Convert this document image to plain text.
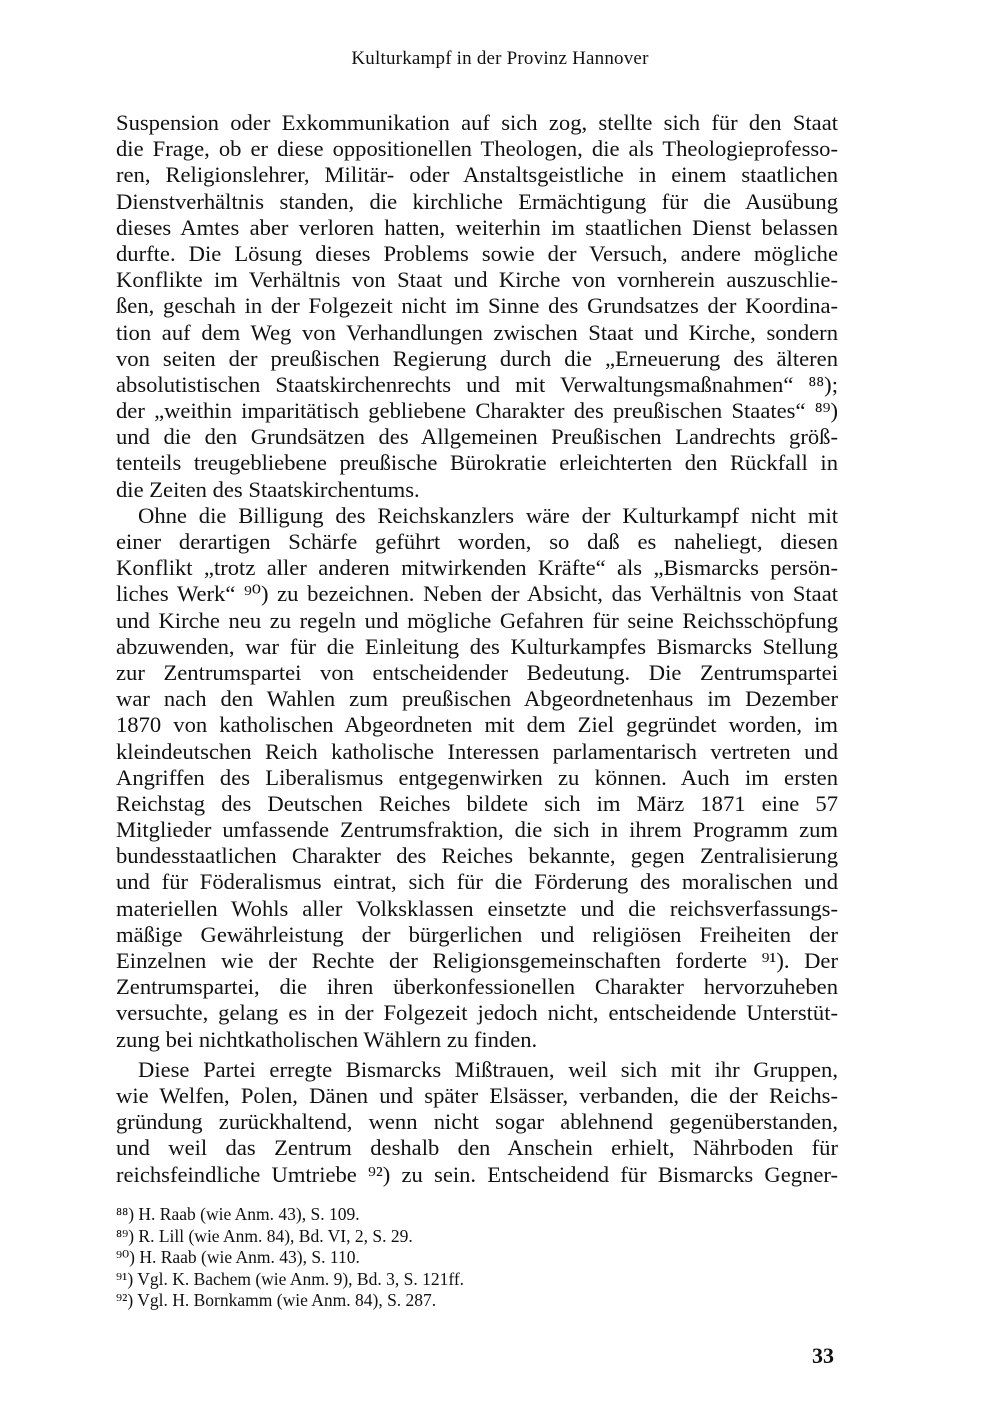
Kulturkampf in der Provinz Hannover
Suspension oder Exkommunikation auf sich zog, stellte sich für den Staat
die Frage, ob er diese oppositionellen Theologen, die als Theologieprofesso-
ren, Religionslehrer, Militär- oder Anstaltsgeistliche in einem staatlichen
Dienstverhältnis standen, die kirchliche Ermächtigung für die Ausübung
dieses Amtes aber verloren hatten, weiterhin im staatlichen Dienst belassen
durfte. Die Lösung dieses Problems sowie der Versuch, andere mögliche
Konflikte im Verhältnis von Staat und Kirche von vornherein auszuschlie-
ßen, geschah in der Folgezeit nicht im Sinne des Grundsatzes der Koordina-
tion auf dem Weg von Verhandlungen zwischen Staat und Kirche, sondern
von seiten der preußischen Regierung durch die „Erneuerung des älteren
absolutistischen Staatskirchenrechts und mit Verwaltungsmaßnahmen“ ⁸⁸);
der „weithin imparitätisch gebliebene Charakter des preußischen Staates“ ⁸⁹)
und die den Grundsätzen des Allgemeinen Preußischen Landrechts größ-
tenteils treugebliebene preußische Bürokratie erleichterten den Rückfall in
die Zeiten des Staatskirchentums.
Ohne die Billigung des Reichskanzlers wäre der Kulturkampf nicht mit
einer derartigen Schärfe geführt worden, so daß es naheliegt, diesen
Konflikt „trotz aller anderen mitwirkenden Kräfte“ als „Bismarcks persön-
liches Werk“ ⁹⁰) zu bezeichnen. Neben der Absicht, das Verhältnis von Staat
und Kirche neu zu regeln und mögliche Gefahren für seine Reichsschöpfung
abzuwenden, war für die Einleitung des Kulturkampfes Bismarcks Stellung
zur Zentrumspartei von entscheidender Bedeutung. Die Zentrumspartei
war nach den Wahlen zum preußischen Abgeordnetenhaus im Dezember
1870 von katholischen Abgeordneten mit dem Ziel gegründet worden, im
kleindeutschen Reich katholische Interessen parlamentarisch vertreten und
Angriffen des Liberalismus entgegenwirken zu können. Auch im ersten
Reichstag des Deutschen Reiches bildete sich im März 1871 eine 57
Mitglieder umfassende Zentrumsfraktion, die sich in ihrem Programm zum
bundesstaatlichen Charakter des Reiches bekannte, gegen Zentralisierung
und für Föderalismus eintrat, sich für die Förderung des moralischen und
materiellen Wohls aller Volksklassen einsetzte und die reichsverfassungs-
mäßige Gewährleistung der bürgerlichen und religiösen Freiheiten der
Einzelnen wie der Rechte der Religionsgemeinschaften forderte ⁹¹). Der
Zentrumspartei, die ihren überkonfessionellen Charakter hervorzuheben
versuchte, gelang es in der Folgezeit jedoch nicht, entscheidende Unterstüt-
zung bei nichtkatholischen Wählern zu finden.
Diese Partei erregte Bismarcks Mißtrauen, weil sich mit ihr Gruppen,
wie Welfen, Polen, Dänen und später Elsässer, verbanden, die der Reichs-
gründung zurückhaltend, wenn nicht sogar ablehnend gegenüberstanden,
und weil das Zentrum deshalb den Anschein erhielt, Nährboden für
reichsfeindliche Umtriebe ⁹²) zu sein. Entscheidend für Bismarcks Gegner-
⁸⁸) H. Raab (wie Anm. 43), S. 109.
⁸⁹) R. Lill (wie Anm. 84), Bd. VI, 2, S. 29.
⁹⁰) H. Raab (wie Anm. 43), S. 110.
⁹¹) Vgl. K. Bachem (wie Anm. 9), Bd. 3, S. 121ff.
⁹²) Vgl. H. Bornkamm (wie Anm. 84), S. 287.
33
